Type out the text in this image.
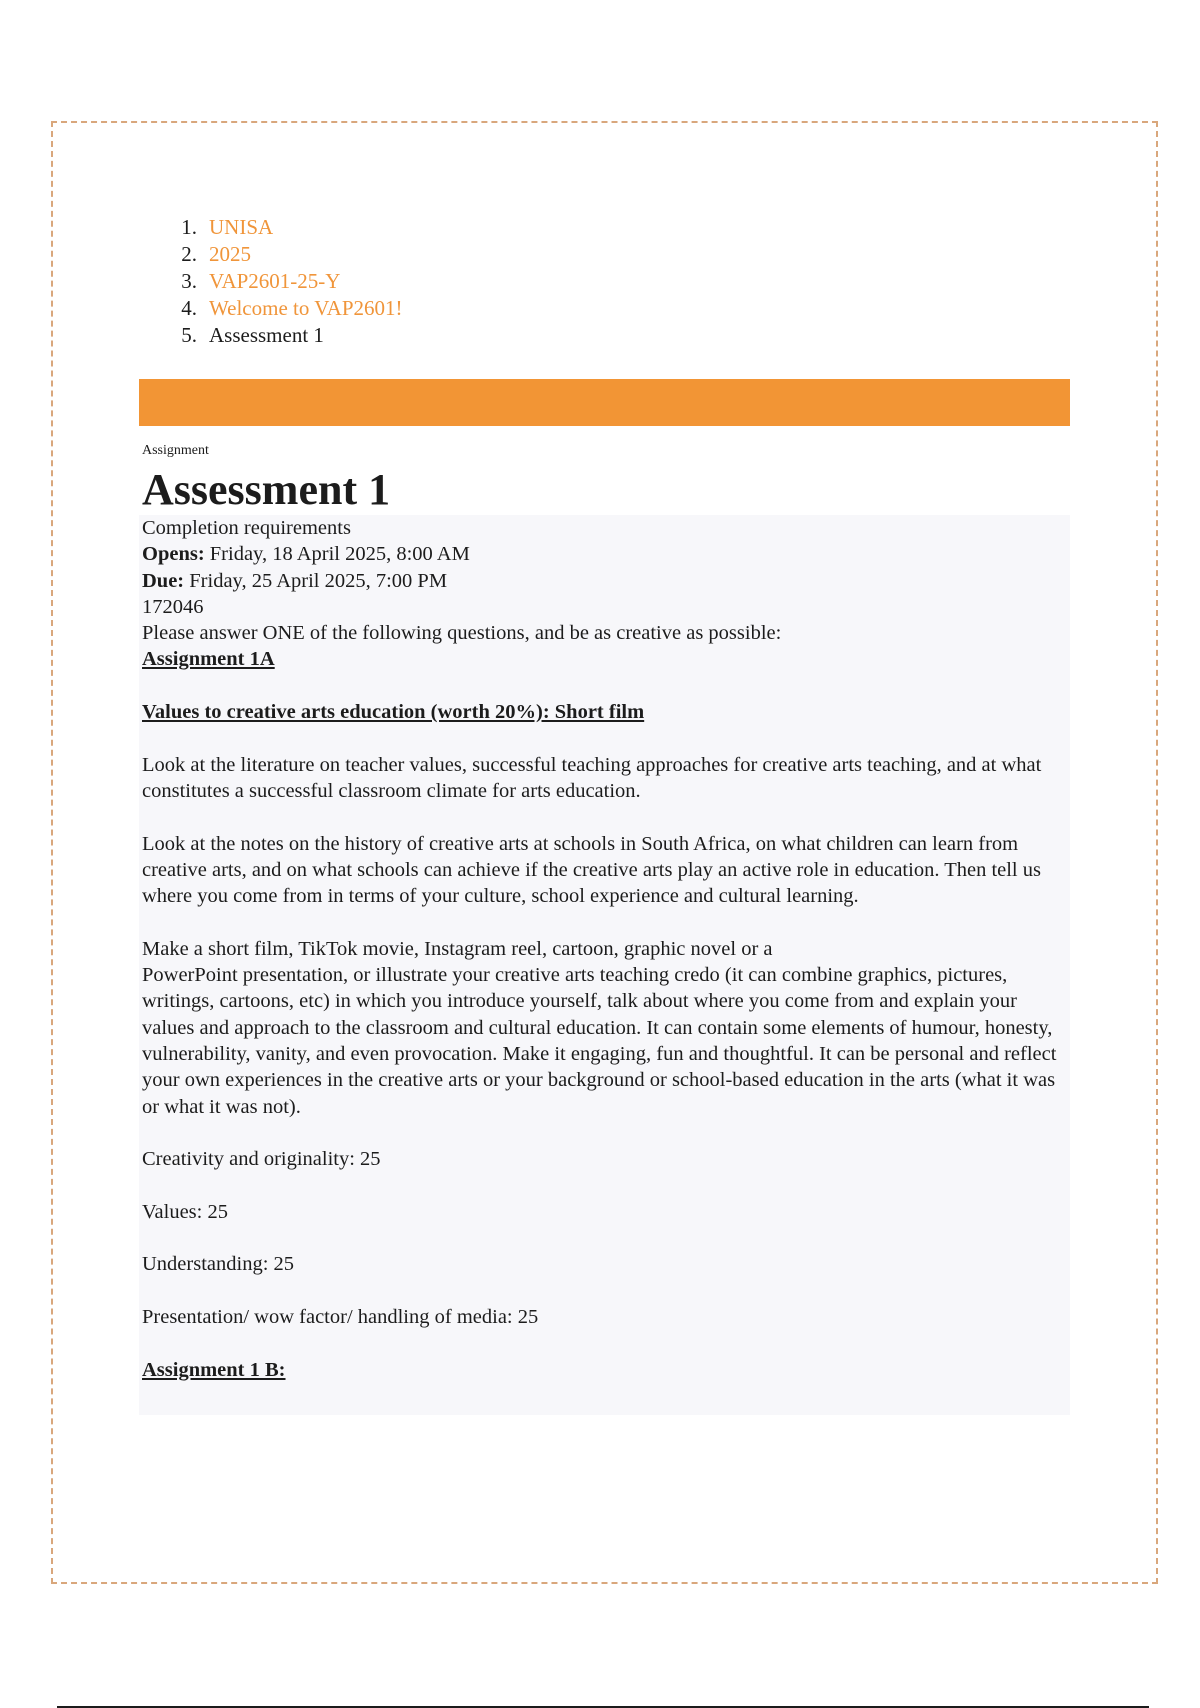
1. UNISA
2. 2025
3. VAP2601-25-Y
4. Welcome to VAP2601!
5. Assessment 1
Assignment
Assessment 1

Completion requirements

Opens: Friday, 18 April 2025, 8:00 AM

Due: Friday, 25 April 2025, 7:00 PM

172046

Please answer ONE of the following questions, and be as creative as possible:

Assignment 1A

Values to creative arts education (worth 20%): Short film

Look at the literature on teacher values, successful teaching approaches for creative arts teaching, and at what constitutes a successful classroom climate for arts education.

Look at the notes on the history of creative arts at schools in South Africa, on what children can learn from creative arts, and on what schools can achieve if the creative arts play an active role in education. Then tell us where you come from in terms of your culture, school experience and cultural learning.

Make a short film, TikTok movie, Instagram reel, cartoon, graphic novel or a

PowerPoint presentation, or illustrate your creative arts teaching credo (it can combine graphics, pictures, writings, cartoons, etc) in which you introduce yourself, talk about where you come from and explain your values and approach to the classroom and cultural education. It can contain some elements of humour, honesty, vulnerability, vanity, and even provocation. Make it engaging, fun and thoughtful. It can be personal and reflect your own experiences in the creative arts or your background or school-based education in the arts (what it was or what it was not).

Creativity and originality: 25

Values: 25

Understanding: 25

Presentation/ wow factor/ handling of media: 25

Assignment 1 B:
